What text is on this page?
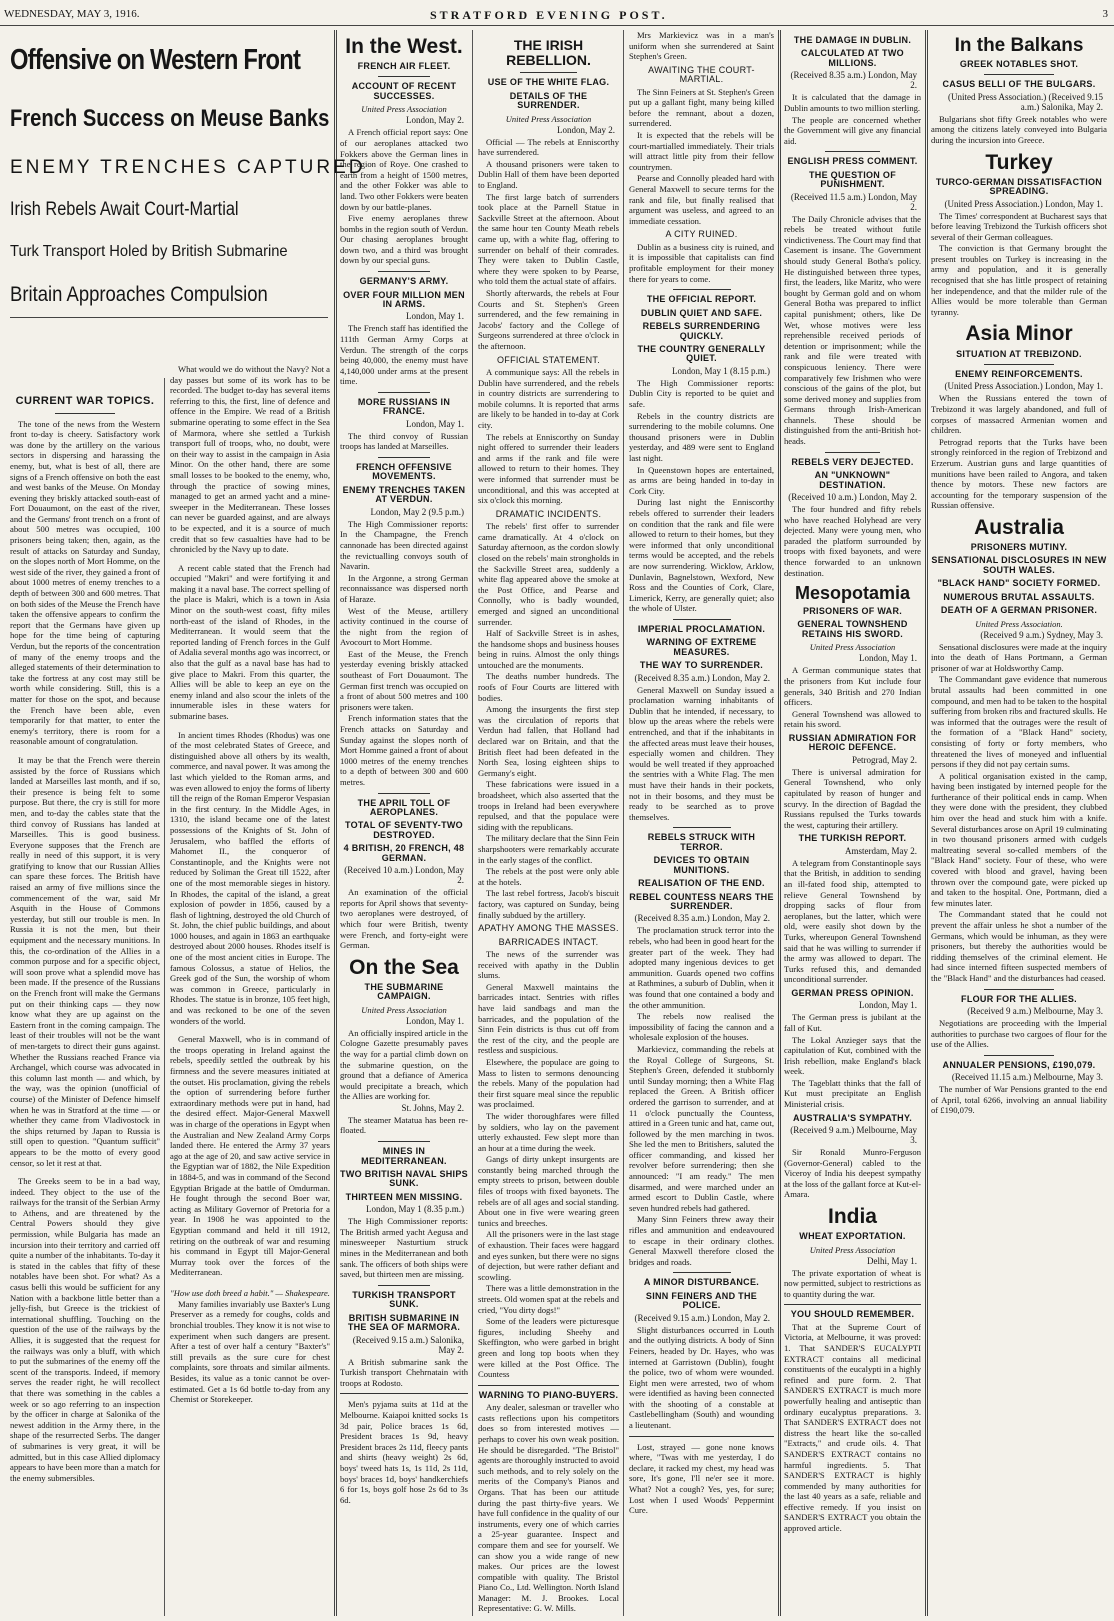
WEDNESDAY, MAY 3, 1916.	STRATFORD EVENING POST.	3
Offensive on Western Front
French Success on Meuse Banks
ENEMY TRENCHES CAPTURED
Irish Rebels Await Court-Martial
Turk Transport Holed by British Submarine
Britain Approaches Compulsion
CURRENT WAR TOPICS.

The tone of the news from the Western front to-day is cheery. Satisfactory work was done by the artillery on the various sectors in dispersing and harassing the enemy, but, what is best of all, there are signs of a French offensive on both the east and west banks of the Meuse. On Monday evening they briskly attacked south-east of Fort Douaumont, on the east of the river, and the Germans' front trench on a front of about 500 metres was occupied, 100 prisoners being taken; then, again, as the result of attacks on Saturday and Sunday, on the slopes north of Mort Homme, on the west side of the river, they gained a front of about 1000 metres of enemy trenches to a depth of between 300 and 600 metres. That on both sides of the Meuse the French have taken the offensive appears to confirm the report that the Germans have given up hope for the time being of capturing Verdun, but the reports of the concentration of many of the enemy troops and the alleged statements of their determination to take the fortress at any cost may still be worth while considering. Still, this is a matter for those on the spot, and because the French have been able, even temporarily for that matter, to enter the enemy's territory, there is room for a reasonable amount of congratulation.

It may be that the French were therein assisted by the force of Russians which landed at Marseilles last month, and if so, their presence is being felt to some purpose. But there, the cry is still for more men, and to-day the cables state that the third convoy of Russians has landed at Marseilles. This is good business. Everyone supposes that the French are really in need of this support, it is very gratifying to know that our Russian Allies can spare these forces. The British have raised an army of five millions since the commencement of the war, said Mr Asquith in the House of Commons yesterday, but still our trouble is men. In Russia it is not the men, but their equipment and the necessary munitions. In this, the co-ordination of the Allies in a common purpose and for a specific object, will soon prove what a splendid move has been made. If the presence of the Russians on the French front will make the Germans put on their thinking caps — they now know what they are up against on the Eastern front in the coming campaign. The least of their troubles will not be the want of men-targets to direct their guns against. Whether the Russians reached France via Archangel, which course was advocated in this column last month — and which, by the way, was the opinion (unofficial of course) of the Minister of Defence himself when he was in Stratford at the time — or whether they came from Vladivostock in the ships returned by Japan to Russia is still open to question. "Quantum sufficit" appears to be the motto of every good censor, so let it rest at that.

The Greeks seem to be in a bad way, indeed. They object to the use of the railways for the transit of the Serbian Army to Athens, and are threatened by the Central Powers should they give permission, while Bulgaria has made an incursion into their territory and carried off quite a number of the inhabitants. To-day it is stated in the cables that fifty of these notables have been shot. For what? As a casus belli this would be sufficient for any Nation with a backbone little better than a jelly-fish, but Greece is the trickiest of international shuffling. Touching on the question of the use of the railways by the Allies, it is suggested that the request for the railways was only a bluff, with which to put the submarines of the enemy off the scent of the transports. Indeed, if memory serves the reader right, he will recollect that there was something in the cables a week or so ago referring to an inspection by the officer in charge at Salonika of the newest addition in the Army there, in the shape of the resurrected Serbs. The danger of submarines is very great, it will be admitted, but in this case Allied diplomacy appears to have been more than a match for the enemy submersibles.

What would we do without the Navy? Not a day passes but some of its work has to be recorded. The budget to-day has several items referring to this, the first, line of defence and offence in the Empire. We read of a British submarine operating to some effect in the Sea of Marmora, where she settled a Turkish transport full of troops, who, no doubt, were on their way to assist in the campaign in Asia Minor. On the other hand, there are some small losses to be booked to the enemy, who, through the practice of sowing mines, managed to get an armed yacht and a mine-sweeper in the Mediterranean. These losses can never be guarded against, and are always to be expected, and it is a source of much credit that so few casualties have had to be chronicled by the Navy up to date.

A recent cable stated that the French had occupied "Makri" and were fortifying it and making it a naval base. The correct spelling of the place is Makri, which is a town in Asia Minor on the south-west coast, fifty miles north-east of the island of Rhodes, in the Mediterranean. It would seem that the reported landing of French forces in the Gulf of Adalia several months ago was incorrect, or also that the gulf as a naval base has had to give place to Makri. From this quarter, the Allies will be able to keep an eye on the enemy inland and also scour the inlets of the innumerable isles in these waters for submarine bases.

In ancient times Rhodes (Rhodus) was one of the most celebrated States of Greece, and distinguished above all others by its wealth, commerce, and naval power. It was among the last which yielded to the Roman arms, and was even allowed to enjoy the forms of liberty till the reign of the Roman Emperor Vespasian in the first century. In the Middle Ages, in 1310, the island became one of the latest possessions of the Knights of St. John of Jerusalem, who baffled the efforts of Mahomet II., the conqueror of Constantinople, and the Knights were not reduced by Soliman the Great till 1522, after one of the most memorable sieges in history. In Rhodes, the capital of the island, a great explosion of powder in 1856, caused by a flash of lightning, destroyed the old Church of St. John, the chief public buildings, and about 1000 houses, and again in 1863 an earthquake destroyed about 2000 houses. Rhodes itself is one of the most ancient cities in Europe. The famous Colossus, a statue of Helios, the Greek god of the Sun, the worship of whom was common in Greece, particularly in Rhodes. The statue is in bronze, 105 feet high, and was reckoned to be one of the seven wonders of the world.

General Maxwell, who is in command of the troops operating in Ireland against the rebels, speedily settled the outbreak by his firmness and the severe measures initiated at the outset. His proclamation, giving the rebels the option of surrendering before further extraordinary methods were put in hand, had the desired effect. Major-General Maxwell was in charge of the operations in Egypt when the Australian and New Zealand Army Corps landed there. He entered the Army 37 years ago at the age of 20, and saw active service in the Egyptian war of 1882, the Nile Expedition in 1884-5, and was in command of the Second Egyptian Brigade at the battle of Omdurman. He fought through the second Boer war, acting as Military Governor of Pretoria for a year. In 1908 he was appointed to the Egyptian command and held it till 1912, retiring on the outbreak of war and resuming his command in Egypt till Major-General Murray took over the forces of the Mediterranean.

"How use doth breed a habit." — Shakespeare.

Many families invariably use Baxter's Lung Preserver as a remedy for coughs, colds and bronchial troubles. They know it is not wise to experiment when such dangers are present. After a test of over half a century "Baxter's" still prevails as the sure cure for chest complaints, sore throats and similar ailments. Besides, its value as a tonic cannot be over-estimated. Get a 1s 6d bottle to-day from any Chemist or Storekeeper.

In the West.
FRENCH AIR FLEET.
ACCOUNT OF RECENT SUCCESSES.
United Press Association
London, May 2.

A French official report says: One of our aeroplanes attacked two Fokkers above the German lines in the region of Roye. One crashed to earth from a height of 1500 metres, and the other Fokker was able to land. Two other Fokkers were beaten down by our battle-planes.

Five enemy aeroplanes threw bombs in the region south of Verdun. Our chasing aeroplanes brought down two, and a third was brought down by our special guns.

GERMANY'S ARMY.
OVER FOUR MILLION MEN IN ARMS.
London, May 1.

The French staff has identified the 111th German Army Corps at Verdun. The strength of the corps being 40,000, the enemy must have 4,140,000 under arms at the present time.

MORE RUSSIANS IN FRANCE.
London, May 1.

The third convoy of Russian troops has landed at Marseilles.

FRENCH OFFENSIVE MOVEMENTS.
ENEMY TRENCHES TAKEN AT VERDUN.
London, May 2 (9.5 p.m.)

The High Commissioner reports: In the Champagne, the French cannonade has been directed against the revictualling convoys south of Navarin.

In the Argonne, a strong German reconnaissance was dispersed north of Haraze.

West of the Meuse, artillery activity continued in the course of the night from the region of Avocourt to Mort Homme.

East of the Meuse, the French yesterday evening briskly attacked southeast of Fort Douaumont. The German first trench was occupied on a front of about 500 metres and 100 prisoners were taken.

French information states that the French attacks on Saturday and Sunday against the slopes north of Mort Homme gained a front of about 1000 metres of the enemy trenches to a depth of between 300 and 600 metres.

THE APRIL TOLL OF AEROPLANES.
TOTAL OF SEVENTY-TWO DESTROYED.
4 BRITISH, 20 FRENCH, 48 GERMAN.
(Received 10 a.m.) London, May 2.

An examination of the official reports for April shows that seventy-two aeroplanes were destroyed, of which four were British, twenty were French, and forty-eight were German.

On the Sea
THE SUBMARINE CAMPAIGN.
United Press Association
London, May 1.

An officially inspired article in the Cologne Gazette presumably paves the way for a partial climb down on the submarine question, on the ground that a defiance of America would precipitate a breach, which the Allies are working for.

St. Johns, May 2.

The steamer Matatua has been re-floated.

MINES IN MEDITERRANEAN.
TWO BRITISH NAVAL SHIPS SUNK.
THIRTEEN MEN MISSING.
London, May 1 (8.35 p.m.)

The High Commissioner reports: The British armed yacht Aegusa and minesweeper Nasturtium struck mines in the Mediterranean and both sank. The officers of both ships were saved, but thirteen men are missing.

TURKISH TRANSPORT SUNK.
BRITISH SUBMARINE IN THE SEA OF MARMORA.
(Received 9.15 a.m.) Salonika, May 2.

A British submarine sank the Turkish transport Chehrnatain with troops at Rodosto.

Men's pyjama suits at 11d at the Melbourne. Kaiapoi knitted socks 1s 3d pair, Police braces 1s 6d, President braces 1s 9d, heavy President braces 2s 11d, fleecy pants and shirts (heavy weight) 2s 6d, boys' tweed hats 1s, 1s 11d, 2s 11d, boys' braces 1d, boys' handkerchiefs 6 for 1s, boys golf hose 2s 6d to 3s 6d.

THE IRISH REBELLION.
USE OF THE WHITE FLAG.
DETAILS OF THE SURRENDER.
United Press Association
London, May 2.

Official — The rebels at Enniscorthy have surrendered.

A thousand prisoners were taken to Dublin Hall of them have been deported to England.

The first large batch of surrenders took place at the Parnell Statue in Sackville Street at the afternoon. About the same hour ten County Meath rebels came up, with a white flag, offering to surrender on behalf of their comrades. They were taken to Dublin Castle, where they were spoken to by Pearse, who told them the actual state of affairs.

Shortly afterwards, the rebels at Four Courts and St. Stephen's Green surrendered, and the few remaining in Jacobs' factory and the College of Surgeons surrendered at three o'clock in the afternoon.

OFFICIAL STATEMENT.

A communique says: All the rebels in Dublin have surrendered, and the rebels in country districts are surrendering to mobile columns. It is reported that arms are likely to be handed in to-day at Cork city.

The rebels at Enniscorthy on Sunday night offered to surrender their leaders and arms if the rank and file were allowed to return to their homes. They were informed that surrender must be unconditional, and this was accepted at six o'clock this morning.

DRAMATIC INCIDENTS.

The rebels' first offer to surrender came dramatically. At 4 o'clock on Saturday afternoon, as the cordon slowly closed on the rebels' main strongholds in the Sackville Street area, suddenly a white flag appeared above the smoke at the Post Office, and Pearse and Connolly, who is badly wounded, emerged and signed an unconditional surrender.

Half of Sackville Street is in ashes, the handsome shops and business houses being in ruins. Almost the only things untouched are the monuments.

The deaths number hundreds. The roofs of Four Courts are littered with bodies.

Among the insurgents the first step was the circulation of reports that Verdun had fallen, that Holland had declared war on Britain, and that the British fleet had been defeated in the North Sea, losing eighteen ships to Germany's eight.

These fabrications were issued in a broadsheet, which also asserted that the troops in Ireland had been everywhere repulsed, and that the populace were siding with the republicans.

The military declare that the Sinn Fein sharpshooters were remarkably accurate in the early stages of the conflict.

The rebels at the post were only able at the hotels.

The last rebel fortress, Jacob's biscuit factory, was captured on Sunday, being finally subdued by the artillery.

APATHY AMONG THE MASSES.
BARRICADES INTACT.

The news of the surrender was received with apathy in the Dublin slums.

General Maxwell maintains the barricades intact. Sentries with rifles have laid sandbags and man the barricades, and the population of the Sinn Fein districts is thus cut off from the rest of the city, and the people are restless and suspicious.

Elsewhere, the populace are going to Mass to listen to sermons denouncing the rebels. Many of the population had their first square meal since the republic was proclaimed.

The wider thoroughfares were filled by soldiers, who lay on the pavement utterly exhausted. Few slept more than an hour at a time during the week.

Gangs of dirty unkept insurgents are constantly being marched through the empty streets to prison, between double files of troops with fixed bayonets. The rebels are of all ages and social standing. About one in five were wearing green tunics and breeches.

All the prisoners were in the last stage of exhaustion. Their faces were haggard and eyes sunken, but there were no signs of dejection, but were rather defiant and scowling.

There was a little demonstration in the streets. Old women spat at the rebels and cried, "You dirty dogs!"

Some of the leaders were picturesque figures, including Sheehy and Skeffington, who were garbed in bright green and long top boots when they were killed at the Post Office. The Countess

WARNING TO PIANO-BUYERS.

Any dealer, salesman or traveller who casts reflections upon his competitors does so from interested motives — perhaps to cover his own weak position. He should be disregarded. "The Bristol" agents are thoroughly instructed to avoid such methods, and to rely solely on the merits of the Company's Pianos and Organs. That has been our attitude during the past thirty-five years. We have full confidence in the quality of our instruments, every one of which carries a 25-year guarantee. Inspect and compare them and see for yourself. We can show you a wide range of new makes. Our prices are the lowest compatible with quality. The Bristol Piano Co., Ltd. Wellington. North Island Manager: M. J. Brookes. Local Representative: G. W. Mills.

Mrs Markievicz was in a man's uniform when she surrendered at Saint Stephen's Green.

AWAITING THE COURT-MARTIAL.

The Sinn Feiners at St. Stephen's Green put up a gallant fight, many being killed before the remnant, about a dozen, surrendered.

It is expected that the rebels will be court-martialled immediately. Their trials will attract little pity from their fellow countrymen.

Pearse and Connolly pleaded hard with General Maxwell to secure terms for the rank and file, but finally realised that argument was useless, and agreed to an immediate cessation.

A CITY RUINED.

Dublin as a business city is ruined, and it is impossible that capitalists can find profitable employment for their money there for years to come.

THE OFFICIAL REPORT.
DUBLIN QUIET AND SAFE.
REBELS SURRENDERING QUICKLY.
THE COUNTRY GENERALLY QUIET.
London, May 1 (8.15 p.m.)

The High Commissioner reports: Dublin City is reported to be quiet and safe.

Rebels in the country districts are surrendering to the mobile columns. One thousand prisoners were in Dublin yesterday, and 489 were sent to England last night.

In Queenstown hopes are entertained, as arms are being handed in to-day in Cork City.

During last night the Enniscorthy rebels offered to surrender their leaders on condition that the rank and file were allowed to return to their homes, but they were informed that only unconditional terms would be accepted, and the rebels are now surrendering. Wicklow, Arklow, Dunlavin, Bagnelstown, Wexford, New Ross and the Counties of Cork, Clare, Limerick, Kerry, are generally quiet; also the whole of Ulster.

IMPERIAL PROCLAMATION.
WARNING OF EXTREME MEASURES.
THE WAY TO SURRENDER.
(Received 8.35 a.m.) London, May 2.

General Maxwell on Sunday issued a proclamation warning inhabitants of Dublin that he intended, if necessary, to blow up the areas where the rebels were entrenched, and that if the inhabitants in the affected areas must leave their houses, especially women and children. They would be well treated if they approached the sentries with a White Flag. The men must have their hands in their pockets, not in their bosoms, and they must be ready to be searched as to prove themselves.

REBELS STRUCK WITH TERROR.
DEVICES TO OBTAIN MUNITIONS.
REALISATION OF THE END.
REBEL COUNTESS NEARS THE SURRENDER.
(Received 8.35 a.m.) London, May 2.

The proclamation struck terror into the rebels, who had been in good heart for the greater part of the week. They had adopted many ingenious devices to get ammunition. Guards opened two coffins at Rathmines, a suburb of Dublin, when it was found that one contained a body and the other ammunition.

The rebels now realised the impossibility of facing the cannon and a wholesale explosion of the houses.

Markievicz, commanding the rebels at the Royal College of Surgeons, St. Stephen's Green, defended it stubbornly until Sunday morning; then a White Flag replaced the Green. A British officer ordered the garrison to surrender, and at 11 o'clock punctually the Countess, attired in a Green tunic and hat, came out, followed by the men marching in twos. She led the men to Britishers, saluted the officer commanding, and kissed her revolver before surrendering; then she announced: "I am ready." The men disarmed, and were marched under an armed escort to Dublin Castle, where seven hundred rebels had gathered.

Many Sinn Feiners threw away their rifles and ammunition and endeavoured to escape in their ordinary clothes. General Maxwell therefore closed the bridges and roads.

A MINOR DISTURBANCE.
SINN FEINERS AND THE POLICE.
(Received 9.15 a.m.) London, May 2.

Slight disturbances occurred in Louth and the outlying districts. A body of Sinn Feiners, headed by Dr. Hayes, who was interned at Garristown (Dublin), fought the police, two of whom were wounded. Eight men were arrested, two of whom were identified as having been connected with the shooting of a constable at Castlebellingham (South) and wounding a lieutenant.

Lost, strayed — gone none knows where, "Twas with me yesterday, I do declare, it racked my chest, my head was sore, It's gone, I'll ne'er see it more. What? Not a cough? Yes, yes, for sure; Lost when I used Woods' Peppermint Cure.

THE DAMAGE IN DUBLIN.
CALCULATED AT TWO MILLIONS.
(Received 8.35 a.m.) London, May 2.

It is calculated that the damage in Dublin amounts to two million sterling.

The people are concerned whether the Government will give any financial aid.

ENGLISH PRESS COMMENT.
THE QUESTION OF PUNISHMENT.
(Received 11.5 a.m.) London, May 2.

The Daily Chronicle advises that the rebels be treated without futile vindictiveness. The Court may find that Casement is insane. The Government should study General Botha's policy. He distinguished between three types, first, the leaders, like Maritz, who were bought by German gold and on whom General Botha was prepared to inflict capital punishment; others, like De Wet, whose motives were less reprehensible received periods of detention or imprisonment; while the rank and file were treated with conspicuous leniency. There were comparatively few Irishmen who were conscious of the gains of the plot, but some derived money and supplies from Germans through Irish-American channels. These should be distinguished from the anti-British hot-heads.

REBELS VERY DEJECTED.
AN "UNKNOWN" DESTINATION.
(Received 10 a.m.) London, May 2.

The four hundred and fifty rebels who have reached Holyhead are very dejected. Many were young men, who paraded the platform surrounded by troops with fixed bayonets, and were thence forwarded to an unknown destination.

Mesopotamia
PRISONERS OF WAR.
GENERAL TOWNSHEND RETAINS HIS SWORD.
United Press Association
London, May 1.

A German communique states that the prisoners from Kut include four generals, 340 British and 270 Indian officers.

General Townshend was allowed to retain his sword.

RUSSIAN ADMIRATION FOR HEROIC DEFENCE.
Petrograd, May 2.

There is universal admiration for General Townshend, who only capitulated by reason of hunger and scurvy. In the direction of Bagdad the Russians repulsed the Turks towards the west, capturing their artillery.

THE TURKISH REPORT.
Amsterdam, May 2.

A telegram from Constantinople says that the British, in addition to sending an ill-fated food ship, attempted to relieve General Townshend by dropping sacks of flour from aeroplanes, but the latter, which were old, were easily shot down by the Turks, whereupon General Townshend said that he was willing to surrender if the army was allowed to depart. The Turks refused this, and demanded unconditional surrender.

GERMAN PRESS OPINION.
London, May 1.

The German press is jubilant at the fall of Kut.

The Lokal Anzieger says that the capitulation of Kut, combined with the Irish rebellion, make England's black week.

The Tageblatt thinks that the fall of Kut must precipitate an English Ministerial crisis.

AUSTRALIA'S SYMPATHY.
(Received 9 a.m.) Melbourne, May 3.

Sir Ronald Munro-Ferguson (Governor-General) cabled to the Viceroy of India his deepest sympathy at the loss of the gallant force at Kut-el-Amara.

India
WHEAT EXPORTATION.
United Press Association
Delhi, May 1.

The private exportation of wheat is now permitted, subject to restrictions as to quantity during the war.

YOU SHOULD REMEMBER.

That at the Supreme Court of Victoria, at Melbourne, it was proved: 1. That SANDER'S EUCALYPTI EXTRACT contains all medicinal constituents of the eucalypti in a highly refined and pure form. 2. That SANDER'S EXTRACT is much more powerfully healing and antiseptic than ordinary eucalyptus preparations. 3. That SANDER'S EXTRACT does not distress the heart like the so-called "Extracts," and crude oils. 4. That SANDER'S EXTRACT contains no harmful ingredients. 5. That SANDER'S EXTRACT is highly commended by many authorities for the last 40 years as a safe, reliable and effective remedy. If you insist on SANDER'S EXTRACT you obtain the approved article.

In the Balkans
GREEK NOTABLES SHOT.
CASUS BELLI OF THE BULGARS.
(United Press Association.) (Received 9.15 a.m.) Salonika, May 2.

Bulgarians shot fifty Greek notables who were among the citizens lately conveyed into Bulgaria during the incursion into Greece.

Turkey
TURCO-GERMAN DISSATISFACTION SPREADING.
(United Press Association.) London, May 1.

The Times' correspondent at Bucharest says that before leaving Trebizond the Turkish officers shot several of their German colleagues.

The conviction is that Germany brought the present troubles on Turkey is increasing in the army and population, and it is generally recognised that she has little prospect of retaining her independence, and that the milder rule of the Allies would be more tolerable than German tyranny.

Asia Minor
SITUATION AT TREBIZOND.
ENEMY REINFORCEMENTS.
(United Press Association.) London, May 1.

When the Russians entered the town of Trebizond it was largely abandoned, and full of corpses of massacred Armenian women and children.

Petrograd reports that the Turks have been strongly reinforced in the region of Trebizond and Erzerum. Austrian guns and large quantities of munitions have been railed to Angora, and taken thence by motors. These new factors are accounting for the temporary suspension of the Russian offensive.

Australia
PRISONERS MUTINY.
SENSATIONAL DISCLOSURES IN NEW SOUTH WALES.
"BLACK HAND" SOCIETY FORMED.
NUMEROUS BRUTAL ASSAULTS.
DEATH OF A GERMAN PRISONER.
United Press Association.
(Received 9 a.m.) Sydney, May 3.

Sensational disclosures were made at the inquiry into the death of Hans Portmann, a German prisoner of war at Holdsworthy Camp.

The Commandant gave evidence that numerous brutal assaults had been committed in one compound, and men had to be taken to the hospital suffering from broken ribs and fractured skulls. He was informed that the outrages were the result of the formation of a "Black Hand" society, consisting of forty or forty members, who threatened the lives of moneyed and influential persons if they did not pay certain sums.

A political organisation existed in the camp, having been instigated by interned people for the furtherance of their political ends in camp. When they were done with the president, they clubbed him over the head and stuck him with a knife. Several disturbances arose on April 19 culminating in two thousand prisoners armed with cudgels maltreating several so-called members of the "Black Hand" society. Four of these, who were covered with blood and gravel, having been thrown over the compound gate, were picked up and taken to the hospital. One, Portmann, died a few minutes later.

The Commandant stated that he could not prevent the affair unless he shot a number of the Germans, which would be inhuman, as they were prisoners, but thereby the authorities would be ridding themselves of the criminal element. He had since interned fifteen suspected members of the "Black Hand" and the disturbances had ceased.

FLOUR FOR THE ALLIES.
(Received 9 a.m.) Melbourne, May 3.

Negotiations are proceeding with the Imperial authorities to purchase two cargoes of flour for the use of the Allies.

ANNUALER PENSIONS, £190,079.
(Received 11.15 a.m.) Melbourne, May 3.

The number of War Pensions granted to the end of April, total 6266, involving an annual liability of £190,079.
